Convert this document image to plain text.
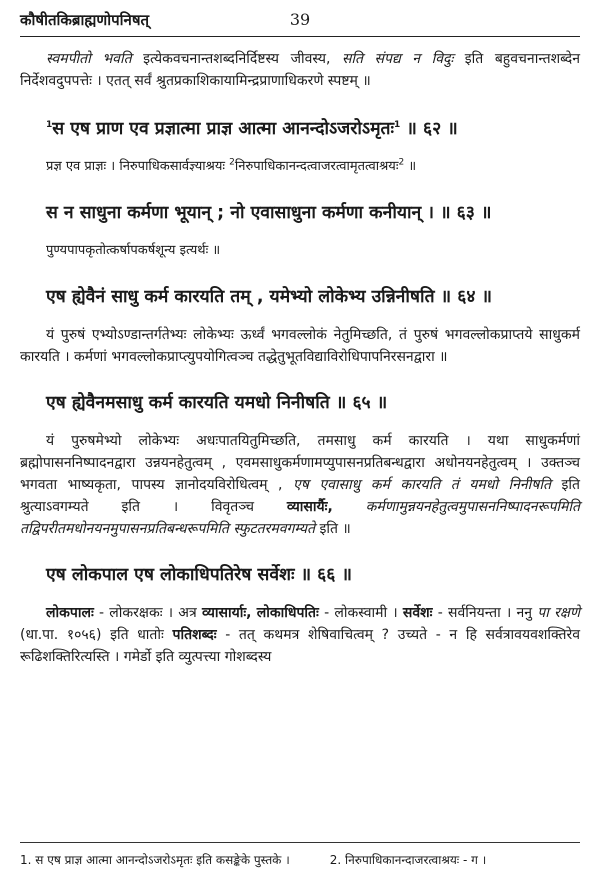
कौषीतकिब्राह्मणोपनिषत्	39

स्वमपीतो भवति इत्येकवचनान्तशब्दनिर्दिष्टस्य जीवस्य, सति संपद्य न विदुः इति बहुवचनान्तशब्देन निर्देशवदुपपत्तेः । एतत् सर्वं श्रुतप्रकाशिकायामिन्द्रप्राणाधिकरणे स्पष्टम् ॥

$^1$स एष प्राण एव प्रज्ञात्मा प्राज्ञ आत्मा आनन्दोऽजरोऽमृतः$^1$ ॥ ६२ ॥

प्रज्ञ एव प्राज्ञः । निरुपाधिकसार्वज्ञ्याश्रयः $^2$निरुपाधिकानन्दत्वाजरत्वामृतत्वाश्रयः$^2$ ॥

स न साधुना कर्मणा भूयान् ; नो एवासाधुना कर्मणा कनीयान् । ॥ ६३ ॥

पुण्यपापकृतोत्कर्षापकर्षशून्य इत्यर्थः ॥

एष ह्येवैनं साधु कर्म कारयति तम् , यमेभ्यो लोकेभ्य उन्निनीषति ॥ ६४ ॥

यं पुरुषं एभ्योऽण्डान्तर्गतेभ्यः लोकेभ्यः ऊर्ध्वं भगवल्लोकं नेतुमिच्छति, तं पुरुषं भगवल्लोकप्राप्तये साधुकर्म कारयति । कर्मणां भगवल्लोकप्राप्त्युपयोगित्वञ्च तद्धेतुभूतविद्याविरोधिपापनिरसनद्वारा ॥

एष ह्येवैनमसाधु कर्म कारयति यमधो निनीषति ॥ ६५ ॥

यं पुरुषमेभ्यो लोकेभ्यः अधःपातयितुमिच्छति, तमसाधु कर्म कारयति । यथा साधुकर्मणां ब्रह्मोपासननिष्पादनद्वारा उन्नयनहेतुत्वम् , एवमसाधुकर्मणामप्युपासनप्रतिबन्धद्वारा अधोनयनहेतुत्वम् । उक्तञ्च भगवता भाष्यकृता, पापस्य ज्ञानोदयविरोधित्वम् , एष एवासाधु कर्म कारयति तं यमधो निनीषति इति श्रुत्याऽवगम्यते इति । विवृतञ्च व्यासार्यैः, कर्मणामुन्नयनहेतुत्वमुपासननिष्पादनरूपमिति तद्विपरीतमधोनयनमुपासनप्रतिबन्धरूपमिति स्फुटतरमवगम्यते इति ॥

एष लोकपाल एष लोकाधिपतिरेष सर्वेशः ॥ ६६ ॥

लोकपालः - लोकरक्षकः । अत्र व्यासार्याः, लोकाधिपतिः - लोकस्वामी । सर्वेशः - सर्वनियन्ता । ननु पा रक्षणे (धा.पा. १०५६) इति धातोः पतिशब्दः - तत् कथमत्र शेषिवाचित्वम् ? उच्यते - न हि सर्वत्रावयवशक्तिरेव रूढिशक्तिरित्यस्ति । गमेर्डो इति व्युत्पत्त्या गोशब्दस्य

1. स एष प्राज्ञ आत्मा आनन्दोऽजरोऽमृतः इति कसङ्केके पुस्तके ।	2. निरुपाधिकानन्दाजरत्वाश्रयः - ग ।
